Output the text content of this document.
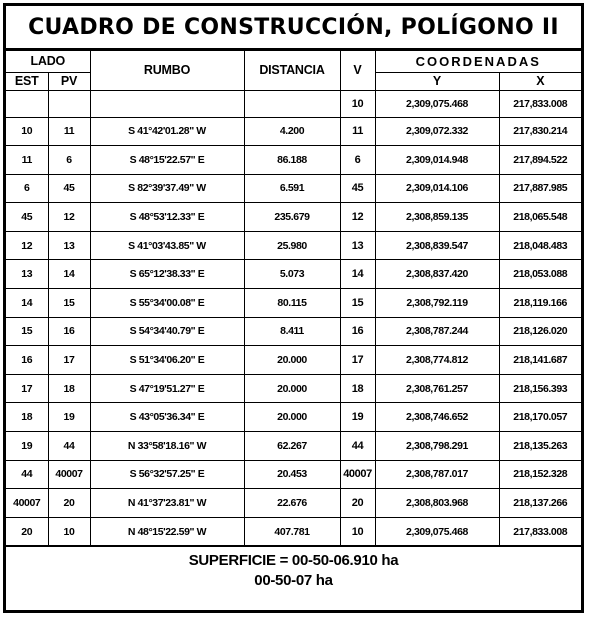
CUADRO DE CONSTRUCCIÓN, POLÍGONO II
LADO		RUMBO	DISTANCIA	V	COORDENADAS	
EST	PV				Y	X
				10	2,309,075.468	217,833.008
10	11	S 41°42'01.28" W	4.200	11	2,309,072.332	217,830.214
11	6	S 48°15'22.57" E	86.188	6	2,309,014.948	217,894.522
6	45	S 82°39'37.49" W	6.591	45	2,309,014.106	217,887.985
45	12	S 48°53'12.33" E	235.679	12	2,308,859.135	218,065.548
12	13	S 41°03'43.85" W	25.980	13	2,308,839.547	218,048.483
13	14	S 65°12'38.33" E	5.073	14	2,308,837.420	218,053.088
14	15	S 55°34'00.08" E	80.115	15	2,308,792.119	218,119.166
15	16	S 54°34'40.79" E	8.411	16	2,308,787.244	218,126.020
16	17	S 51°34'06.20" E	20.000	17	2,308,774.812	218,141.687
17	18	S 47°19'51.27" E	20.000	18	2,308,761.257	218,156.393
18	19	S 43°05'36.34" E	20.000	19	2,308,746.652	218,170.057
19	44	N 33°58'18.16" W	62.267	44	2,308,798.291	218,135.263
44	40007	S 56°32'57.25" E	20.453	40007	2,308,787.017	218,152.328
40007	20	N 41°37'23.81" W	22.676	20	2,308,803.968	218,137.266
20	10	N 48°15'22.59" W	407.781	10	2,309,075.468	217,833.008
SUPERFICIE = 00-50-06.910 ha
00-50-07 ha
